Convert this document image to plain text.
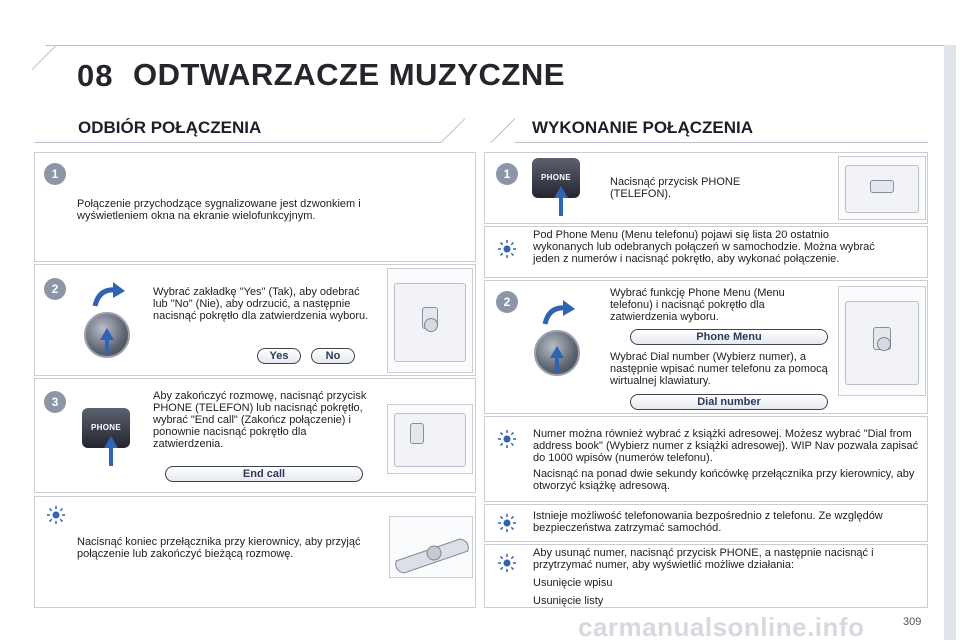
08 ODTWARZACZE MUZYCZNE
ODBIÓR POŁĄCZENIA
1
Połączenie przychodzące sygnalizowane jest dzwonkiem i wyświetleniem okna na ekranie wielofunkcyjnym.
2	Wybrać zakładkę "Yes" (Tak), aby odebrać lub "No" (Nie), aby odrzucić, a następnie nacisnąć pokrętło dla zatwierdzenia wyboru.
Yes	No
3
PHONE
Aby zakończyć rozmowę, nacisnąć przycisk PHONE (TELEFON) lub nacisnąć pokrętło, wybrać "End call" (Zakończ połączenie) i ponownie nacisnąć pokrętło dla zatwierdzenia.
End call
Nacisnąć koniec przełącznika przy kierownicy, aby przyjąć połączenie lub zakończyć bieżącą rozmowę.
WYKONANIE POŁĄCZENIA
1	PHONE	Nacisnąć przycisk PHONE (TELEFON).
Pod Phone Menu (Menu telefonu) pojawi się lista 20 ostatnio wykonanych lub odebranych połączeń w samochodzie. Można wybrać jeden z numerów i nacisnąć pokrętło, aby wykonać połączenie.
2
Wybrać funkcję Phone Menu (Menu telefonu) i nacisnąć pokrętło dla zatwierdzenia wyboru.
Phone Menu
Wybrać Dial number (Wybierz numer), a następnie wpisać numer telefonu za pomocą wirtualnej klawiatury.
Dial number

Numer można również wybrać z książki adresowej. Możesz wybrać "Dial from address book" (Wybierz numer z książki adresowej). WIP Nav pozwala zapisać do 1000 wpisów (numerów telefonu).

Nacisnąć na ponad dwie sekundy końcówkę przełącznika przy kierownicy, aby otworzyć książkę adresową.

Istnieje możliwość telefonowania bezpośrednio z telefonu. Ze względów bezpieczeństwa zatrzymać samochód.
Aby usunąć numer, nacisnąć przycisk PHONE, a następnie nacisnąć i przytrzymać numer, aby wyświetlić możliwe działania:
Usunięcie wpisu
Usunięcie listy
carmanualsonline.info	309
